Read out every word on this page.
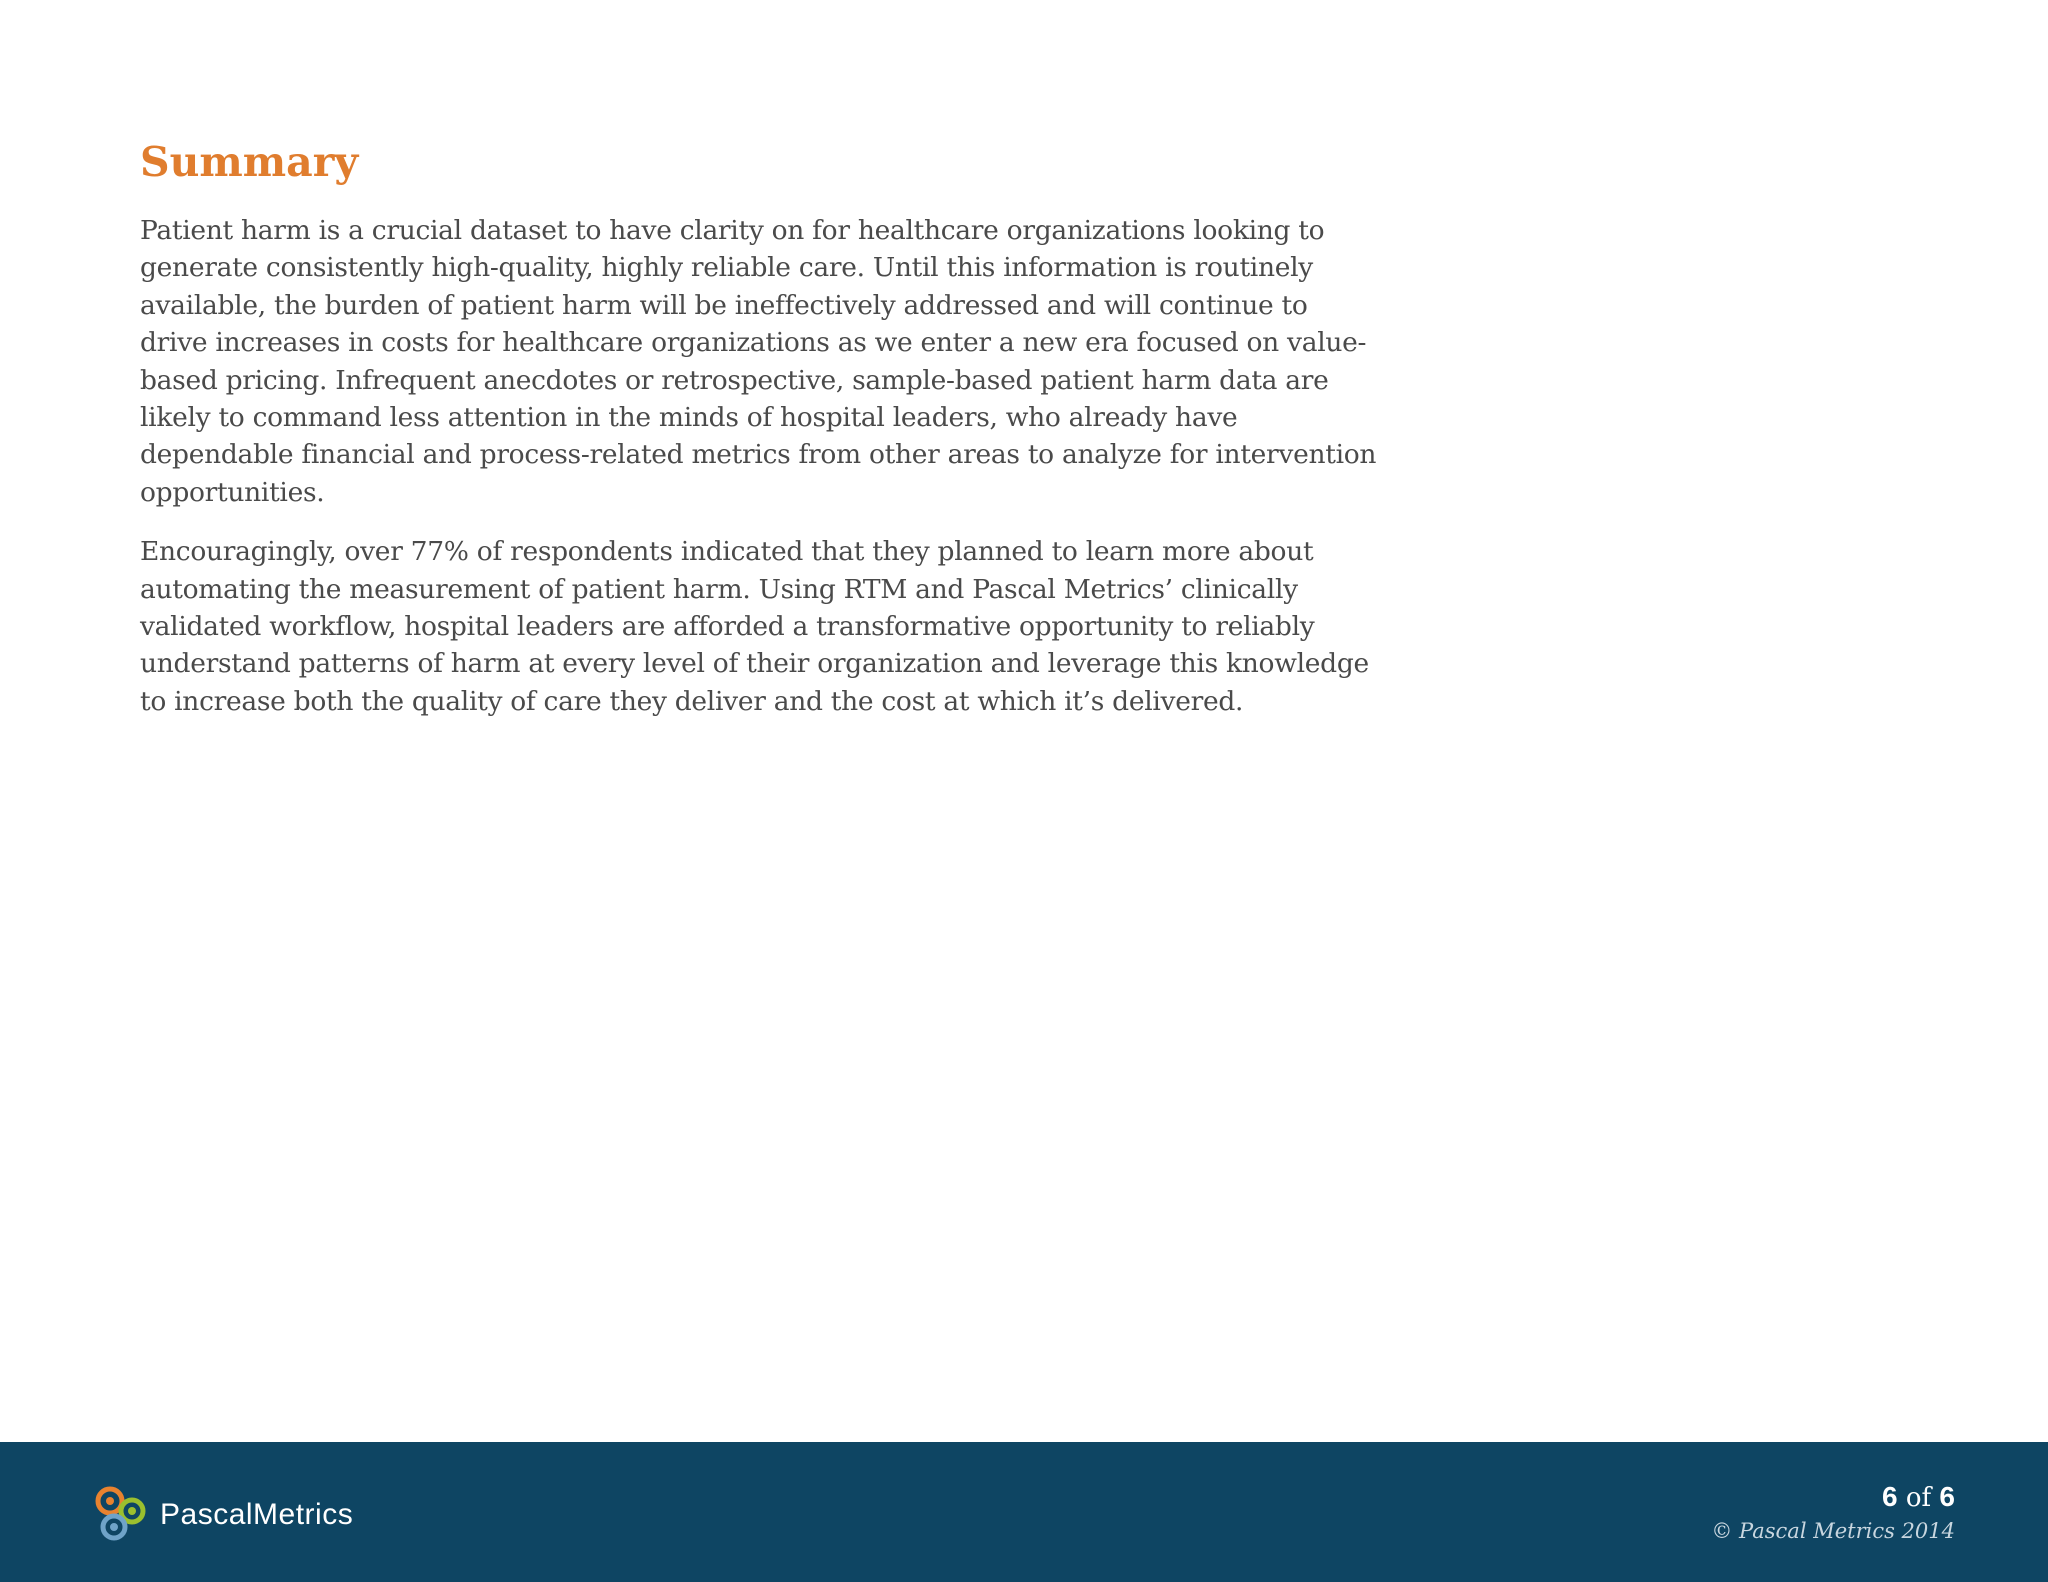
Summary

Patient harm is a crucial dataset to have clarity on for healthcare organizations looking to generate consistently high-quality, highly reliable care. Until this information is routinely available, the burden of patient harm will be ineffectively addressed and will continue to drive increases in costs for healthcare organizations as we enter a new era focused on value-based pricing. Infrequent anecdotes or retrospective, sample-based patient harm data are likely to command less attention in the minds of hospital leaders, who already have dependable financial and process-related metrics from other areas to analyze for intervention opportunities.

Encouragingly, over 77% of respondents indicated that they planned to learn more about automating the measurement of patient harm. Using RTM and Pascal Metrics’ clinically validated workflow, hospital leaders are afforded a transformative opportunity to reliably understand patterns of harm at every level of their organization and leverage this knowledge to increase both the quality of care they deliver and the cost at which it’s delivered.

PascalMetrics
6 of 6
© Pascal Metrics 2014
